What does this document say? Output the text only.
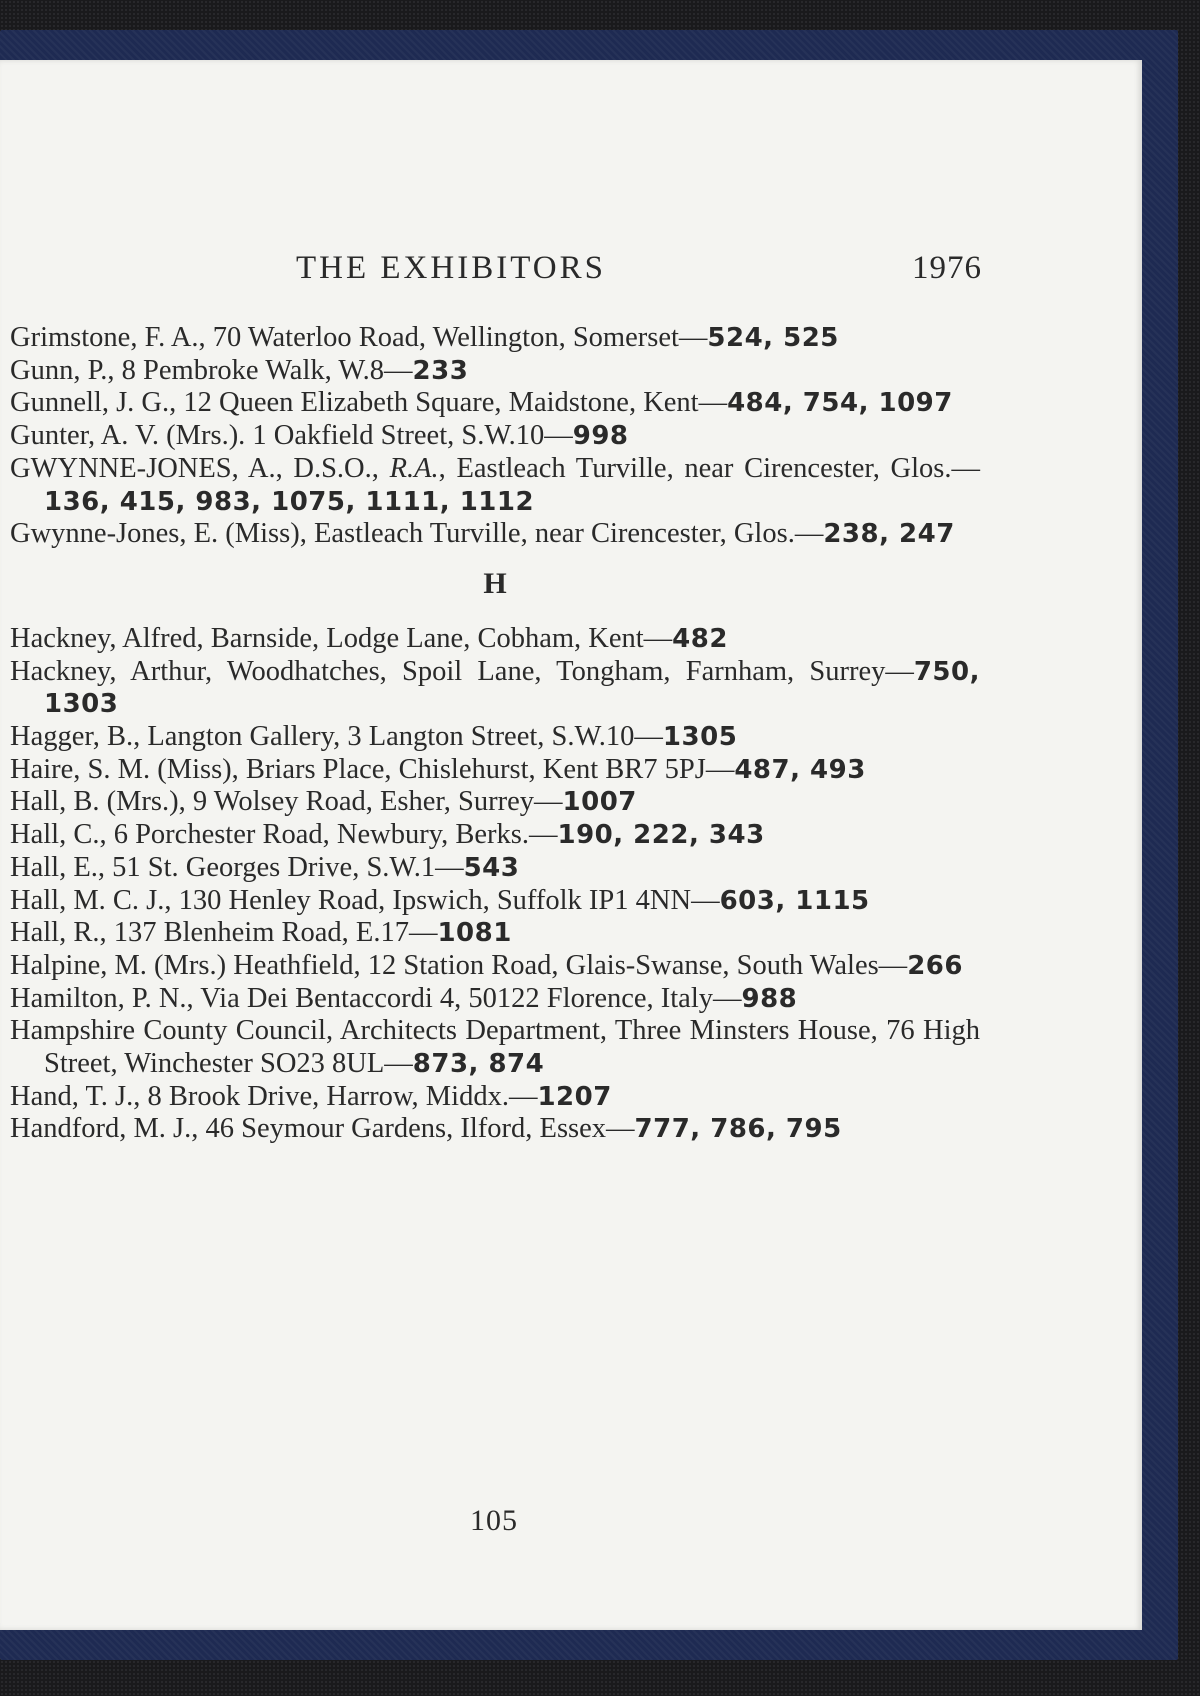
THE EXHIBITORS	1976
Grimstone, F. A., 70 Waterloo Road, Wellington, Somerset—524, 525
Gunn, P., 8 Pembroke Walk, W.8—233
Gunnell, J. G., 12 Queen Elizabeth Square, Maidstone, Kent—484, 754, 1097
Gunter, A. V. (Mrs.). 1 Oakfield Street, S.W.10—998
GWYNNE-JONES, A., D.S.O., R.A., Eastleach Turville, near Cirencester, Glos.—136, 415, 983, 1075, 1111, 1112
Gwynne-Jones, E. (Miss), Eastleach Turville, near Cirencester, Glos.—238, 247
H
Hackney, Alfred, Barnside, Lodge Lane, Cobham, Kent—482
Hackney, Arthur, Woodhatches, Spoil Lane, Tongham, Farnham, Surrey—750, 1303
Hagger, B., Langton Gallery, 3 Langton Street, S.W.10—1305
Haire, S. M. (Miss), Briars Place, Chislehurst, Kent BR7 5PJ—487, 493
Hall, B. (Mrs.), 9 Wolsey Road, Esher, Surrey—1007
Hall, C., 6 Porchester Road, Newbury, Berks.—190, 222, 343
Hall, E., 51 St. Georges Drive, S.W.1—543
Hall, M. C. J., 130 Henley Road, Ipswich, Suffolk IP1 4NN—603, 1115
Hall, R., 137 Blenheim Road, E.17—1081
Halpine, M. (Mrs.) Heathfield, 12 Station Road, Glais-Swanse, South Wales—266
Hamilton, P. N., Via Dei Bentaccordi 4, 50122 Florence, Italy—988
Hampshire County Council, Architects Department, Three Minsters House, 76 High Street, Winchester SO23 8UL—873, 874
Hand, T. J., 8 Brook Drive, Harrow, Middx.—1207
Handford, M. J., 46 Seymour Gardens, Ilford, Essex—777, 786, 795
105
